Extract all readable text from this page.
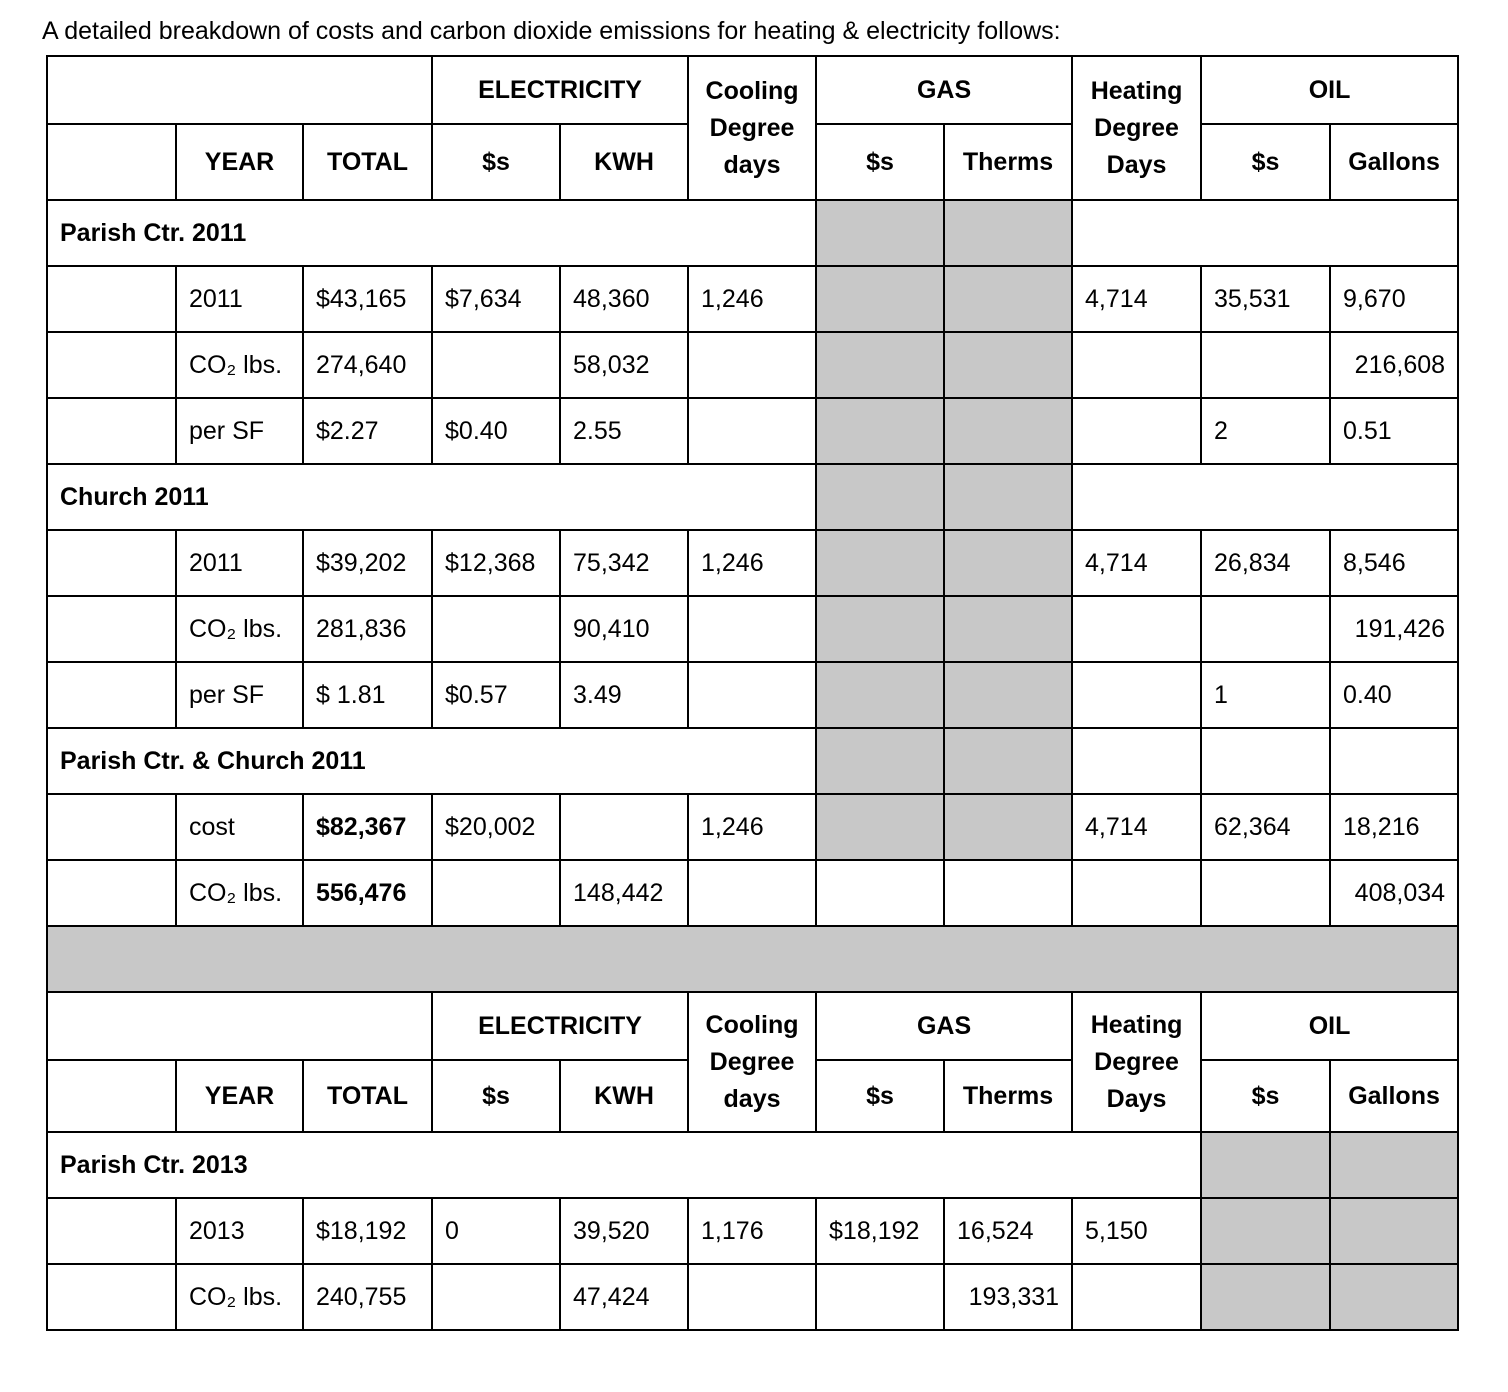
A detailed breakdown of costs and carbon dioxide emissions for heating & electricity follows:
			ELECTRICITY		Cooling Degree days	GAS		Heating Degree Days	OIL	
	YEAR	TOTAL	$s	KWH		$s	Therms		$s	Gallons
Parish Ctr. 2011										
	2011	$43,165	$7,634	48,360	1,246			4,714	35,531	9,670
	CO₂ lbs.	274,640		58,032						216,608
	per SF	$2.27	$0.40	2.55					2	0.51
Church 2011										
	2011	$39,202	$12,368	75,342	1,246			4,714	26,834	8,546
	CO₂ lbs.	281,836		90,410						191,426
	per SF	$ 1.81	$0.57	3.49					1	0.40
Parish Ctr. & Church 2011										
	cost	$82,367	$20,002		1,246			4,714	62,364	18,216
	CO₂ lbs.	556,476		148,442						408,034

			ELECTRICITY		Cooling Degree days	GAS		Heating Degree Days	OIL	
	YEAR	TOTAL	$s	KWH		$s	Therms		$s	Gallons
Parish Ctr. 2013										
	2013	$18,192	0	39,520	1,176	$18,192	16,524	5,150		
	CO₂ lbs.	240,755		47,424			193,331			
